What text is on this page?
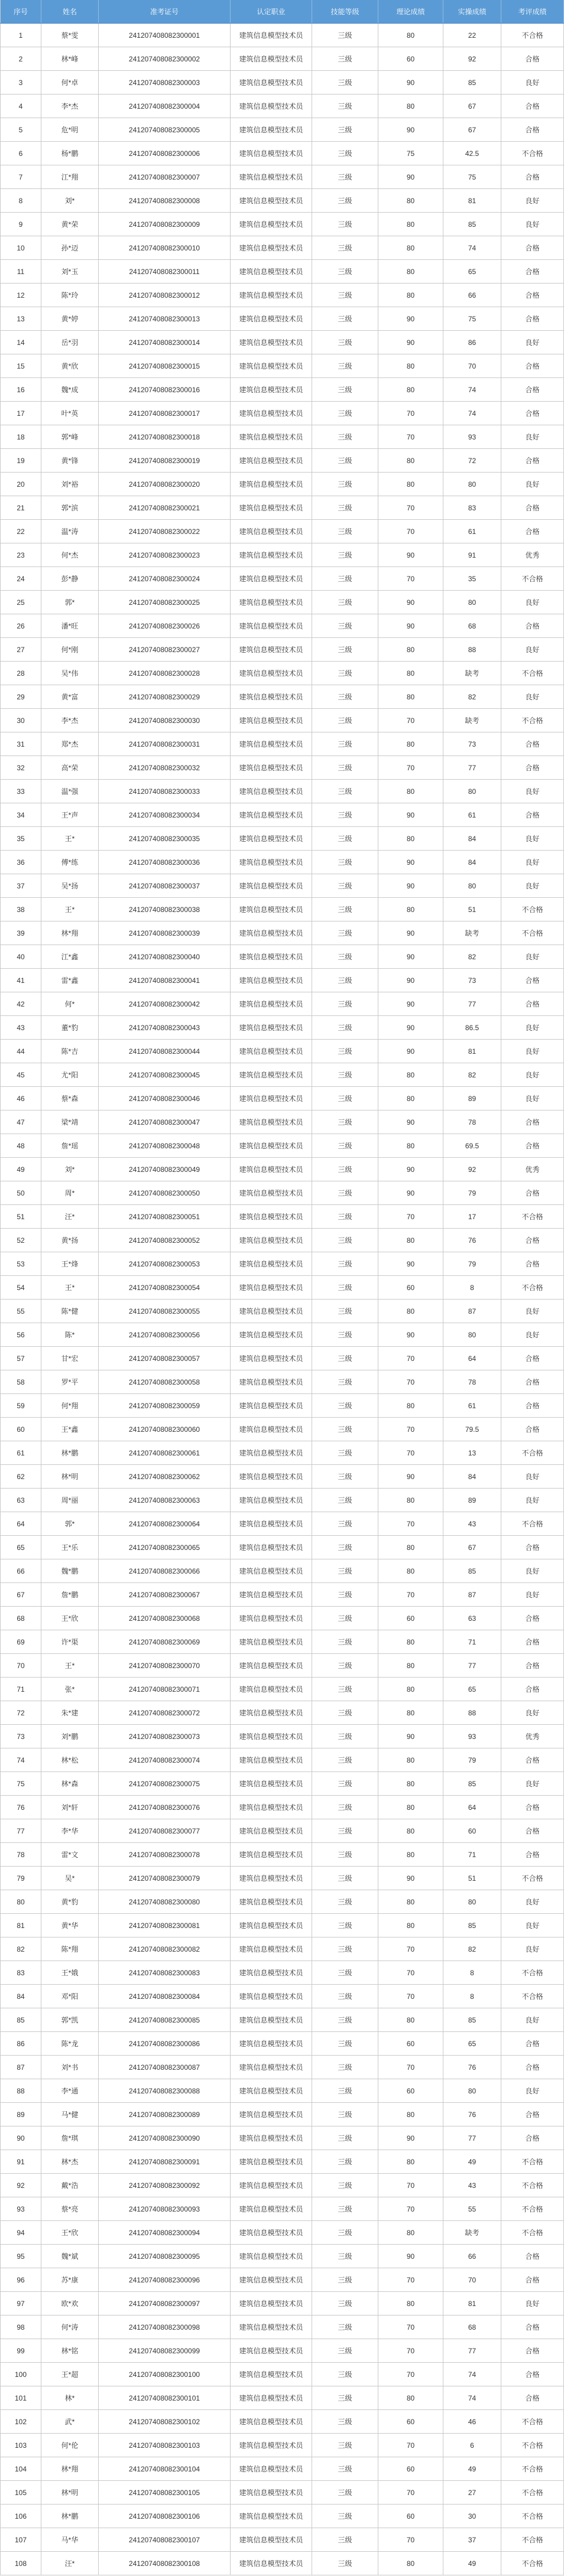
序号	姓名	准考证号	认定职业	技能等级	理论成绩	实操成绩	考评成绩
1	蔡*雯	241207408082300001	建筑信息模型技术员	三级	80	22	不合格
2	林*峰	241207408082300002	建筑信息模型技术员	三级	60	92	合格
3	何*卓	241207408082300003	建筑信息模型技术员	三级	90	85	良好
4	李*杰	241207408082300004	建筑信息模型技术员	三级	80	67	合格
5	危*明	241207408082300005	建筑信息模型技术员	三级	90	67	合格
6	杨*鹏	241207408082300006	建筑信息模型技术员	三级	75	42.5	不合格
7	江*翔	241207408082300007	建筑信息模型技术员	三级	90	75	合格
8	刘*	241207408082300008	建筑信息模型技术员	三级	80	81	良好
9	黄*荣	241207408082300009	建筑信息模型技术员	三级	80	85	良好
10	孙*迈	241207408082300010	建筑信息模型技术员	三级	80	74	合格
11	刘*玉	241207408082300011	建筑信息模型技术员	三级	80	65	合格
12	陈*玲	241207408082300012	建筑信息模型技术员	三级	80	66	合格
13	黄*婷	241207408082300013	建筑信息模型技术员	三级	90	75	合格
14	岳*羽	241207408082300014	建筑信息模型技术员	三级	90	86	良好
15	黄*欣	241207408082300015	建筑信息模型技术员	三级	80	70	合格
16	魏*成	241207408082300016	建筑信息模型技术员	三级	80	74	合格
17	叶*英	241207408082300017	建筑信息模型技术员	三级	70	74	合格
18	郭*峰	241207408082300018	建筑信息模型技术员	三级	70	93	良好
19	黄*锋	241207408082300019	建筑信息模型技术员	三级	80	72	合格
20	刘*裕	241207408082300020	建筑信息模型技术员	三级	80	80	良好
21	郭*滨	241207408082300021	建筑信息模型技术员	三级	70	83	合格
22	温*涛	241207408082300022	建筑信息模型技术员	三级	70	61	合格
23	何*杰	241207408082300023	建筑信息模型技术员	三级	90	91	优秀
24	彭*静	241207408082300024	建筑信息模型技术员	三级	70	35	不合格
25	郭*	241207408082300025	建筑信息模型技术员	三级	90	80	良好
26	潘*旺	241207408082300026	建筑信息模型技术员	三级	90	68	合格
27	何*刚	241207408082300027	建筑信息模型技术员	三级	80	88	良好
28	吴*伟	241207408082300028	建筑信息模型技术员	三级	80	缺考	不合格
29	黄*富	241207408082300029	建筑信息模型技术员	三级	80	82	良好
30	李*杰	241207408082300030	建筑信息模型技术员	三级	70	缺考	不合格
31	郑*杰	241207408082300031	建筑信息模型技术员	三级	80	73	合格
32	高*荣	241207408082300032	建筑信息模型技术员	三级	70	77	合格
33	温*强	241207408082300033	建筑信息模型技术员	三级	80	80	良好
34	王*声	241207408082300034	建筑信息模型技术员	三级	90	61	合格
35	王*	241207408082300035	建筑信息模型技术员	三级	80	84	良好
36	傅*练	241207408082300036	建筑信息模型技术员	三级	90	84	良好
37	吴*扬	241207408082300037	建筑信息模型技术员	三级	90	80	良好
38	王*	241207408082300038	建筑信息模型技术员	三级	80	51	不合格
39	林*翔	241207408082300039	建筑信息模型技术员	三级	90	缺考	不合格
40	江*鑫	241207408082300040	建筑信息模型技术员	三级	90	82	良好
41	雷*鑫	241207408082300041	建筑信息模型技术员	三级	90	73	合格
42	何*	241207408082300042	建筑信息模型技术员	三级	90	77	合格
43	董*豹	241207408082300043	建筑信息模型技术员	三级	90	86.5	良好
44	陈*吉	241207408082300044	建筑信息模型技术员	三级	90	81	良好
45	尤*阳	241207408082300045	建筑信息模型技术员	三级	80	82	良好
46	蔡*森	241207408082300046	建筑信息模型技术员	三级	80	89	良好
47	梁*靖	241207408082300047	建筑信息模型技术员	三级	90	78	合格
48	詹*瑶	241207408082300048	建筑信息模型技术员	三级	80	69.5	合格
49	刘*	241207408082300049	建筑信息模型技术员	三级	90	92	优秀
50	周*	241207408082300050	建筑信息模型技术员	三级	90	79	合格
51	汪*	241207408082300051	建筑信息模型技术员	三级	70	17	不合格
52	黄*扬	241207408082300052	建筑信息模型技术员	三级	80	76	合格
53	王*烽	241207408082300053	建筑信息模型技术员	三级	90	79	合格
54	王*	241207408082300054	建筑信息模型技术员	三级	60	8	不合格
55	陈*健	241207408082300055	建筑信息模型技术员	三级	80	87	良好
56	陈*	241207408082300056	建筑信息模型技术员	三级	90	80	良好
57	甘*宏	241207408082300057	建筑信息模型技术员	三级	70	64	合格
58	罗*平	241207408082300058	建筑信息模型技术员	三级	70	78	合格
59	何*翔	241207408082300059	建筑信息模型技术员	三级	80	61	合格
60	王*鑫	241207408082300060	建筑信息模型技术员	三级	70	79.5	合格
61	林*鹏	241207408082300061	建筑信息模型技术员	三级	70	13	不合格
62	林*明	241207408082300062	建筑信息模型技术员	三级	90	84	良好
63	周*丽	241207408082300063	建筑信息模型技术员	三级	80	89	良好
64	郭*	241207408082300064	建筑信息模型技术员	三级	70	43	不合格
65	王*乐	241207408082300065	建筑信息模型技术员	三级	80	67	合格
66	魏*鹏	241207408082300066	建筑信息模型技术员	三级	80	85	良好
67	詹*鹏	241207408082300067	建筑信息模型技术员	三级	70	87	良好
68	王*欣	241207408082300068	建筑信息模型技术员	三级	60	63	合格
69	许*渠	241207408082300069	建筑信息模型技术员	三级	80	71	合格
70	王*	241207408082300070	建筑信息模型技术员	三级	80	77	合格
71	张*	241207408082300071	建筑信息模型技术员	三级	80	65	合格
72	朱*建	241207408082300072	建筑信息模型技术员	三级	80	88	良好
73	刘*鹏	241207408082300073	建筑信息模型技术员	三级	90	93	优秀
74	林*松	241207408082300074	建筑信息模型技术员	三级	80	79	合格
75	林*森	241207408082300075	建筑信息模型技术员	三级	80	85	良好
76	刘*轩	241207408082300076	建筑信息模型技术员	三级	80	64	合格
77	李*华	241207408082300077	建筑信息模型技术员	三级	80	60	合格
78	雷*文	241207408082300078	建筑信息模型技术员	三级	80	71	合格
79	吴*	241207408082300079	建筑信息模型技术员	三级	90	51	不合格
80	黄*豹	241207408082300080	建筑信息模型技术员	三级	80	80	良好
81	黄*华	241207408082300081	建筑信息模型技术员	三级	80	85	良好
82	陈*翔	241207408082300082	建筑信息模型技术员	三级	70	82	良好
83	王*娥	241207408082300083	建筑信息模型技术员	三级	70	8	不合格
84	邓*阳	241207408082300084	建筑信息模型技术员	三级	70	8	不合格
85	郭*凯	241207408082300085	建筑信息模型技术员	三级	80	85	良好
86	陈*龙	241207408082300086	建筑信息模型技术员	三级	60	65	合格
87	刘*书	241207408082300087	建筑信息模型技术员	三级	70	76	合格
88	李*通	241207408082300088	建筑信息模型技术员	三级	60	80	良好
89	马*健	241207408082300089	建筑信息模型技术员	三级	80	76	合格
90	詹*琪	241207408082300090	建筑信息模型技术员	三级	90	77	合格
91	林*杰	241207408082300091	建筑信息模型技术员	三级	80	49	不合格
92	戴*浩	241207408082300092	建筑信息模型技术员	三级	70	43	不合格
93	蔡*亮	241207408082300093	建筑信息模型技术员	三级	70	55	不合格
94	王*欣	241207408082300094	建筑信息模型技术员	三级	80	缺考	不合格
95	魏*斌	241207408082300095	建筑信息模型技术员	三级	90	66	合格
96	苏*康	241207408082300096	建筑信息模型技术员	三级	70	70	合格
97	欧*欢	241207408082300097	建筑信息模型技术员	三级	80	81	良好
98	何*涛	241207408082300098	建筑信息模型技术员	三级	70	68	合格
99	林*铭	241207408082300099	建筑信息模型技术员	三级	70	77	合格
100	王*超	241207408082300100	建筑信息模型技术员	三级	70	74	合格
101	林*	241207408082300101	建筑信息模型技术员	三级	80	74	合格
102	武*	241207408082300102	建筑信息模型技术员	三级	60	46	不合格
103	何*伦	241207408082300103	建筑信息模型技术员	三级	70	6	不合格
104	林*翔	241207408082300104	建筑信息模型技术员	三级	60	49	不合格
105	林*明	241207408082300105	建筑信息模型技术员	三级	70	27	不合格
106	林*鹏	241207408082300106	建筑信息模型技术员	三级	60	30	不合格
107	马*华	241207408082300107	建筑信息模型技术员	三级	70	37	不合格
108	汪*	241207408082300108	建筑信息模型技术员	三级	80	49	不合格
